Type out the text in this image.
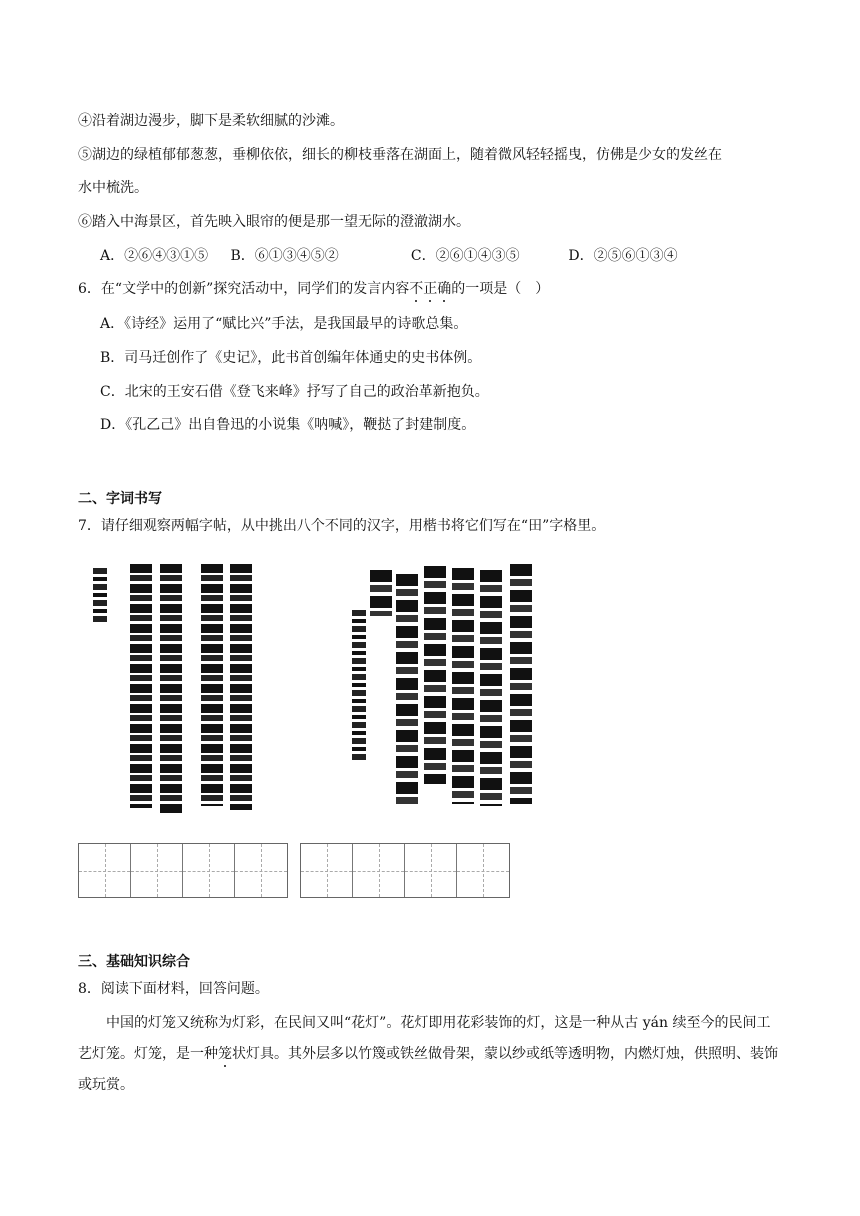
④沿着湖边漫步，脚下是柔软细腻的沙滩。
⑤湖边的绿植郁郁葱葱，垂柳依依，细长的柳枝垂落在湖面上，随着微风轻轻摇曳，仿佛是少女的发丝在
水中梳洗。
⑥踏入中海景区，首先映入眼帘的便是那一望无际的澄澈湖水。
A．②⑥④③①⑤ B．⑥①③④⑤②	C．②⑥①④③⑤	D．②⑤⑥①③④
6．在“文学中的创新”探究活动中，同学们的发言内容不正确的一项是（　）
A．《诗经》运用了“赋比兴”手法，是我国最早的诗歌总集。
B．司马迁创作了《史记》，此书首创编年体通史的史书体例。
C．北宋的王安石借《登飞来峰》抒写了自己的政治革新抱负。
D．《孔乙己》出自鲁迅的小说集《呐喊》，鞭挞了封建制度。
二、字词书写
7．请仔细观察两幅字帖，从中挑出八个不同的汉字，用楷书将它们写在“田”字格里。
三、基础知识综合
8．阅读下面材料，回答问题。
中国的灯笼又统称为灯彩，在民间又叫“花灯”。花灯即用花彩装饰的灯，这是一种从古 yán 续至今的民间工艺灯笼。灯笼，是一种笼状灯具。其外层多以竹篾或铁丝做骨架，蒙以纱或纸等透明物，内燃灯烛，供照明、装饰或玩赏。
